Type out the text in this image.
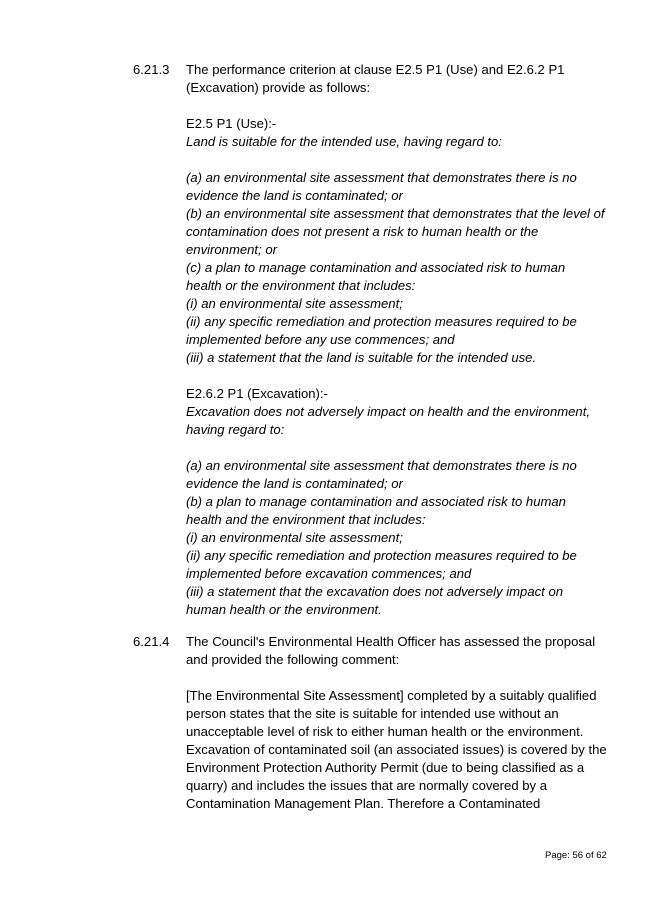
6.21.3	The performance criterion at clause E2.5 P1 (Use) and E2.6.2 P1
(Excavation) provide as follows:

E2.5 P1 (Use):-
Land is suitable for the intended use, having regard to:

(a) an environmental site assessment that demonstrates there is no
evidence the land is contaminated; or
(b) an environmental site assessment that demonstrates that the level of
contamination does not present a risk to human health or the
environment; or
(c) a plan to manage contamination and associated risk to human
health or the environment that includes:
(i) an environmental site assessment;
(ii) any specific remediation and protection measures required to be
implemented before any use commences; and
(iii) a statement that the land is suitable for the intended use.

E2.6.2 P1 (Excavation):-
Excavation does not adversely impact on health and the environment,
having regard to:

(a) an environmental site assessment that demonstrates there is no
evidence the land is contaminated; or
(b) a plan to manage contamination and associated risk to human
health and the environment that includes:
(i) an environmental site assessment;
(ii) any specific remediation and protection measures required to be
implemented before excavation commences; and
(iii) a statement that the excavation does not adversely impact on
human health or the environment.

6.21.4	The Council's Environmental Health Officer has assessed the proposal
and provided the following comment:

[The Environmental Site Assessment] completed by a suitably qualified
person states that the site is suitable for intended use without an
unacceptable level of risk to either human health or the environment.
Excavation of contaminated soil (an associated issues) is covered by the
Environment Protection Authority Permit (due to being classified as a
quarry) and includes the issues that are normally covered by a
Contamination Management Plan. Therefore a Contaminated

Page: 56 of 62
